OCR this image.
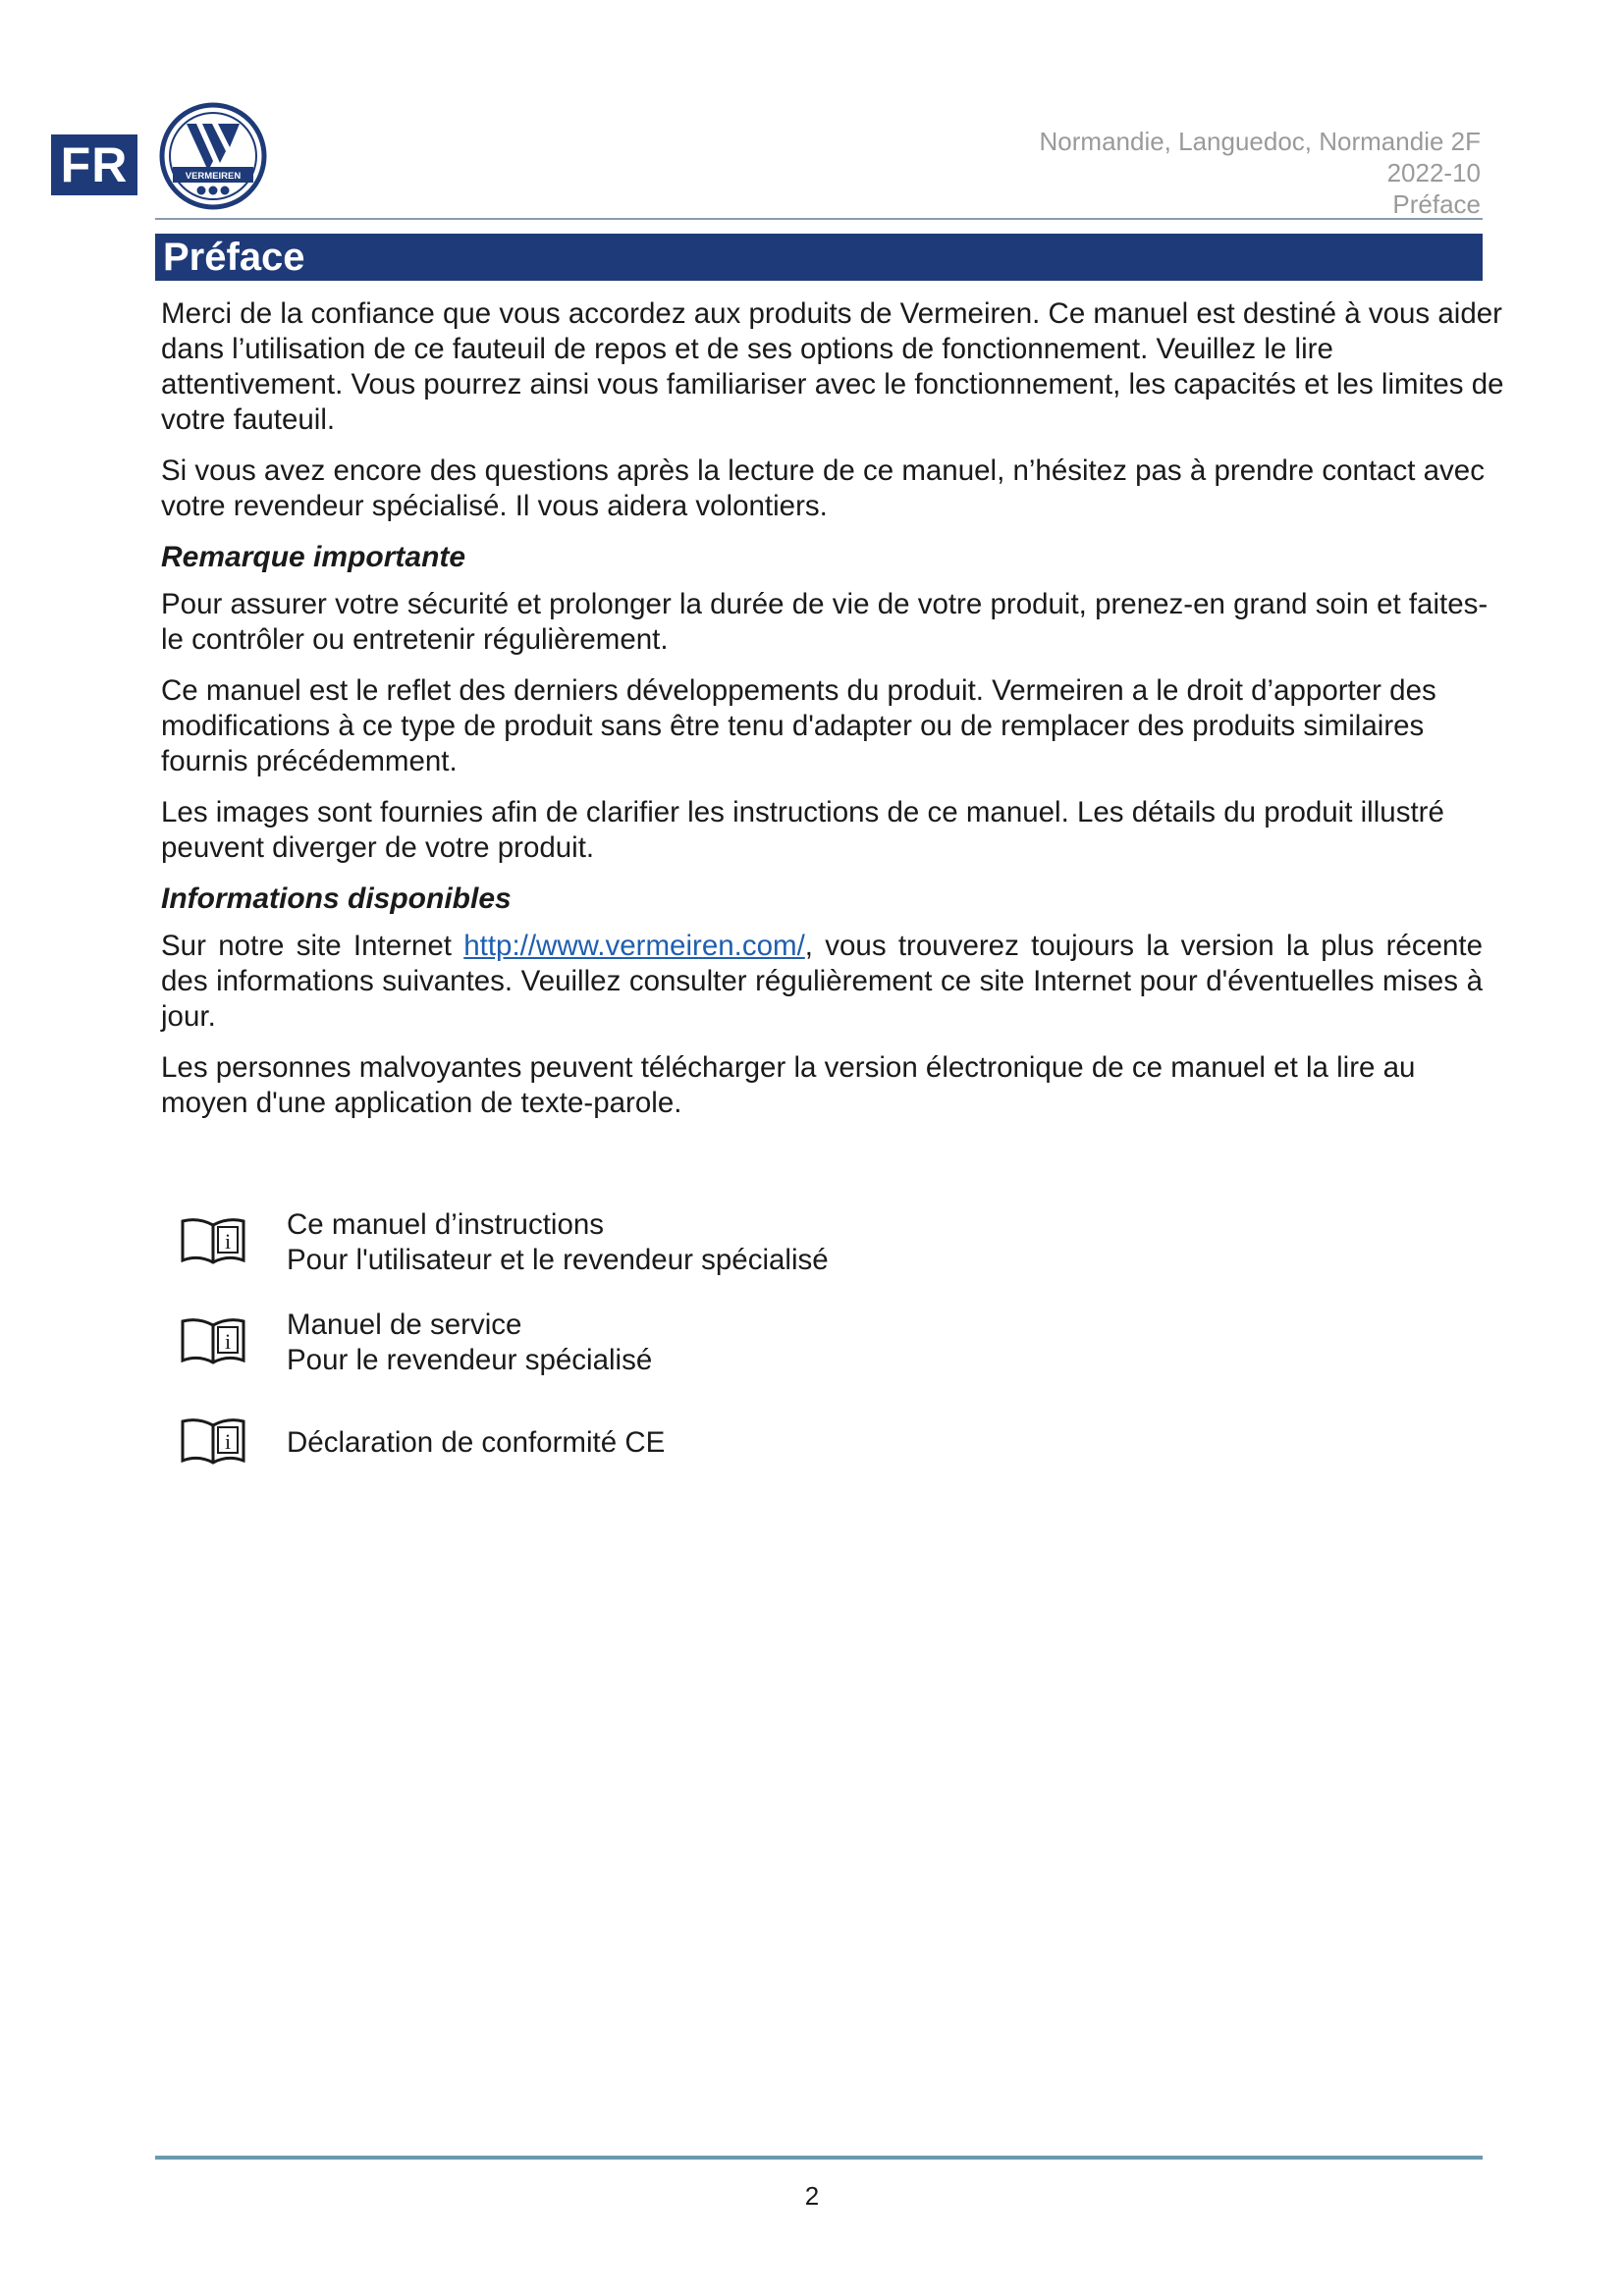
FR	VERMEIREN
Normandie, Languedoc, Normandie 2F
2022-10
Préface
Préface

Merci de la confiance que vous accordez aux produits de Vermeiren. Ce manuel est destiné à vous aider dans l’utilisation de ce fauteuil de repos et de ses options de fonctionnement. Veuillez le lire attentivement. Vous pourrez ainsi vous familiariser avec le fonctionnement, les capacités et les limites de votre fauteuil.

Si vous avez encore des questions après la lecture de ce manuel, n’hésitez pas à prendre contact avec votre revendeur spécialisé. Il vous aidera volontiers.

Remarque importante

Pour assurer votre sécurité et prolonger la durée de vie de votre produit, prenez-en grand soin et faites-le contrôler ou entretenir régulièrement.

Ce manuel est le reflet des derniers développements du produit. Vermeiren a le droit d’apporter des modifications à ce type de produit sans être tenu d'adapter ou de remplacer des produits similaires fournis précédemment.

Les images sont fournies afin de clarifier les instructions de ce manuel. Les détails du produit illustré peuvent diverger de votre produit.

Informations disponibles

Sur notre site Internet http://www.vermeiren.com/, vous trouverez toujours la version la plus récente des informations suivantes. Veuillez consulter régulièrement ce site Internet pour d'éventuelles mises à jour.

Les personnes malvoyantes peuvent télécharger la version électronique de ce manuel et la lire au moyen d'une application de texte-parole.

i
Ce manuel d’instructions
Pour l'utilisateur et le revendeur spécialisé
i
Manuel de service
Pour le revendeur spécialisé
i Déclaration de conformité CE
2
